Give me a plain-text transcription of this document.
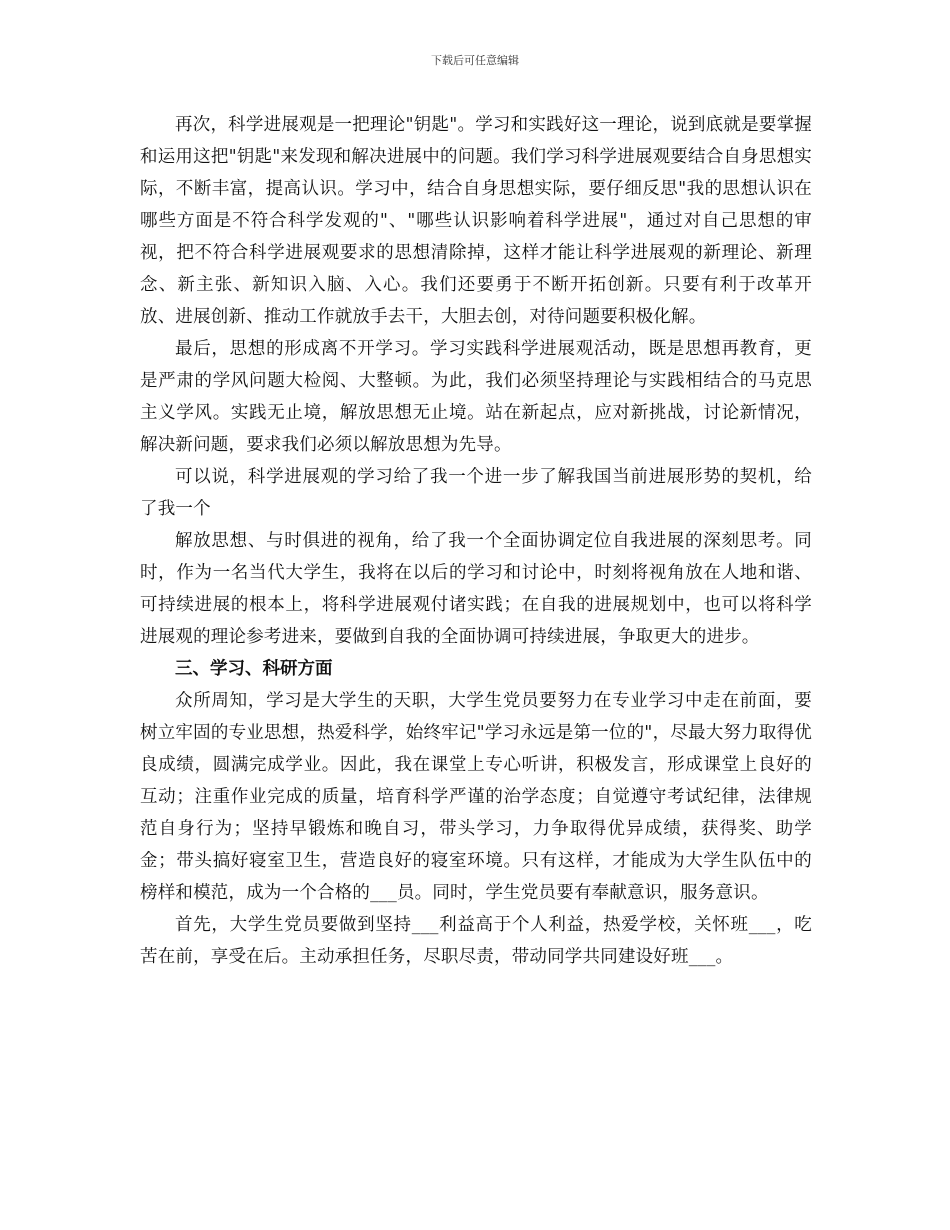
下载后可任意编辑

再次，科学进展观是一把理论"钥匙"。学习和实践好这一理论，说到底就是要掌握和运用这把"钥匙"来发现和解决进展中的问题。我们学习科学进展观要结合自身思想实际，不断丰富，提高认识。学习中，结合自身思想实际，要仔细反思"我的思想认识在哪些方面是不符合科学发观的"、"哪些认识影响着科学进展"，通过对自己思想的审视，把不符合科学进展观要求的思想清除掉，这样才能让科学进展观的新理论、新理念、新主张、新知识入脑、入心。我们还要勇于不断开拓创新。只要有利于改革开放、进展创新、推动工作就放手去干，大胆去创，对待问题要积极化解。

最后，思想的形成离不开学习。学习实践科学进展观活动，既是思想再教育，更是严肃的学风问题大检阅、大整顿。为此，我们必须坚持理论与实践相结合的马克思主义学风。实践无止境，解放思想无止境。站在新起点，应对新挑战，讨论新情况，解决新问题，要求我们必须以解放思想为先导。

可以说，科学进展观的学习给了我一个进一步了解我国当前进展形势的契机，给了我一个

解放思想、与时俱进的视角，给了我一个全面协调定位自我进展的深刻思考。同时，作为一名当代大学生，我将在以后的学习和讨论中，时刻将视角放在人地和谐、可持续进展的根本上，将科学进展观付诸实践；在自我的进展规划中，也可以将科学进展观的理论参考进来，要做到自我的全面协调可持续进展，争取更大的进步。

三、学习、科研方面

众所周知，学习是大学生的天职，大学生党员要努力在专业学习中走在前面，要树立牢固的专业思想，热爱科学，始终牢记"学习永远是第一位的"，尽最大努力取得优良成绩，圆满完成学业。因此，我在课堂上专心听讲，积极发言，形成课堂上良好的互动；注重作业完成的质量，培育科学严谨的治学态度；自觉遵守考试纪律，法律规范自身行为；坚持早锻炼和晚自习，带头学习，力争取得优异成绩，获得奖、助学金；带头搞好寝室卫生，营造良好的寝室环境。只有这样，才能成为大学生队伍中的榜样和模范，成为一个合格的___员。同时，学生党员要有奉献意识，服务意识。

首先，大学生党员要做到坚持___利益高于个人利益，热爱学校，关怀班___，吃苦在前，享受在后。主动承担任务，尽职尽责，带动同学共同建设好班___。
